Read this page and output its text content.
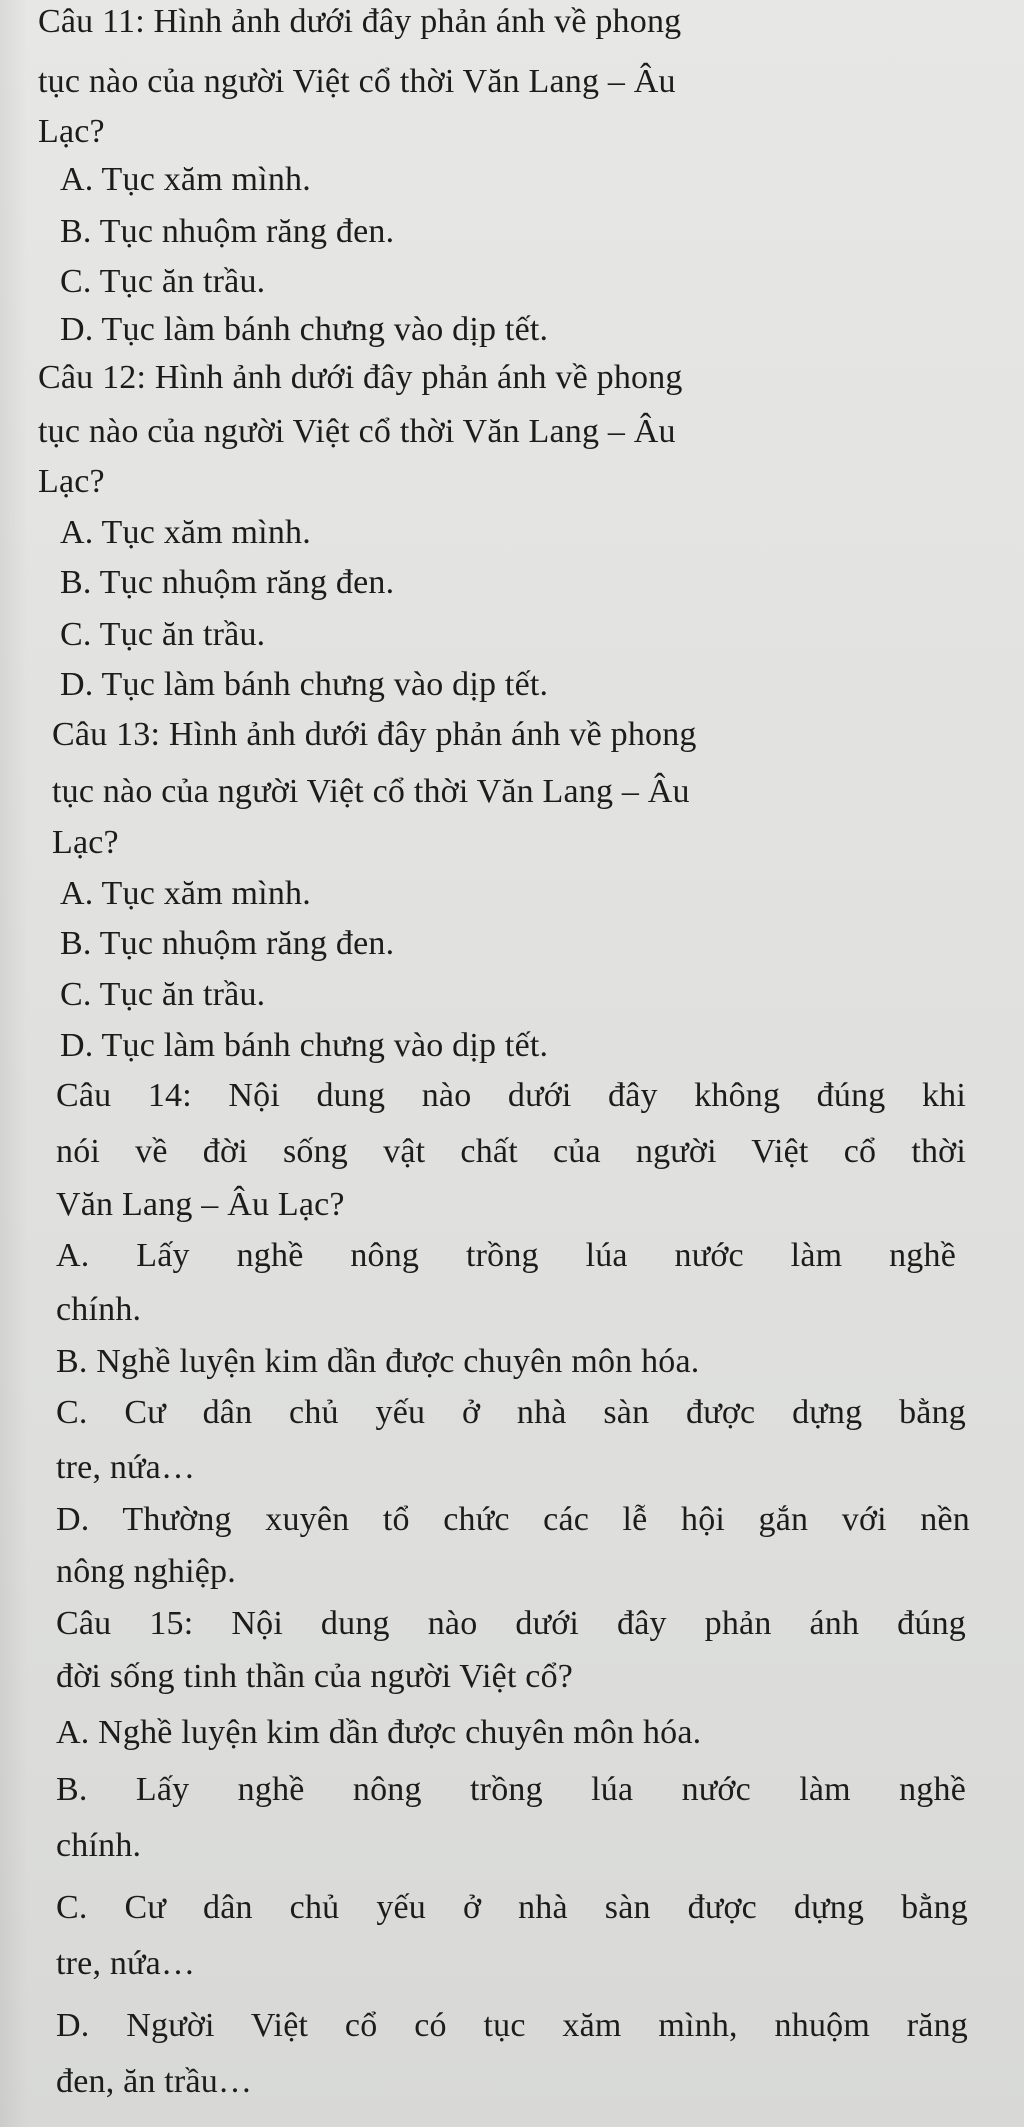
Câu 11: Hình ảnh dưới đây phản ánh về phong
tục nào của người Việt cổ thời Văn Lang – Âu
Lạc?
A. Tục xăm mình.
B. Tục nhuộm răng đen.
C. Tục ăn trầu.
D. Tục làm bánh chưng vào dịp tết.
Câu 12: Hình ảnh dưới đây phản ánh về phong
tục nào của người Việt cổ thời Văn Lang – Âu
Lạc?
A. Tục xăm mình.
B. Tục nhuộm răng đen.
C. Tục ăn trầu.
D. Tục làm bánh chưng vào dịp tết.
Câu 13: Hình ảnh dưới đây phản ánh về phong
tục nào của người Việt cổ thời Văn Lang – Âu
Lạc?
A. Tục xăm mình.
B. Tục nhuộm răng đen.
C. Tục ăn trầu.
D. Tục làm bánh chưng vào dịp tết.
Câu 14: Nội dung nào dưới đây không đúng khi
nói về đời sống vật chất của người Việt cổ thời
Văn Lang – Âu Lạc?
A. Lấy nghề nông trồng lúa nước làm nghề
chính.
B. Nghề luyện kim dần được chuyên môn hóa.
C. Cư dân chủ yếu ở nhà sàn được dựng bằng
tre, nứa…
D. Thường xuyên tổ chức các lễ hội gắn với nền
nông nghiệp.
Câu 15: Nội dung nào dưới đây phản ánh đúng
đời sống tinh thần của người Việt cổ?
A. Nghề luyện kim dần được chuyên môn hóa.
B. Lấy nghề nông trồng lúa nước làm nghề
chính.
C. Cư dân chủ yếu ở nhà sàn được dựng bằng
tre, nứa…
D. Người Việt cổ có tục xăm mình, nhuộm răng
đen, ăn trầu…
